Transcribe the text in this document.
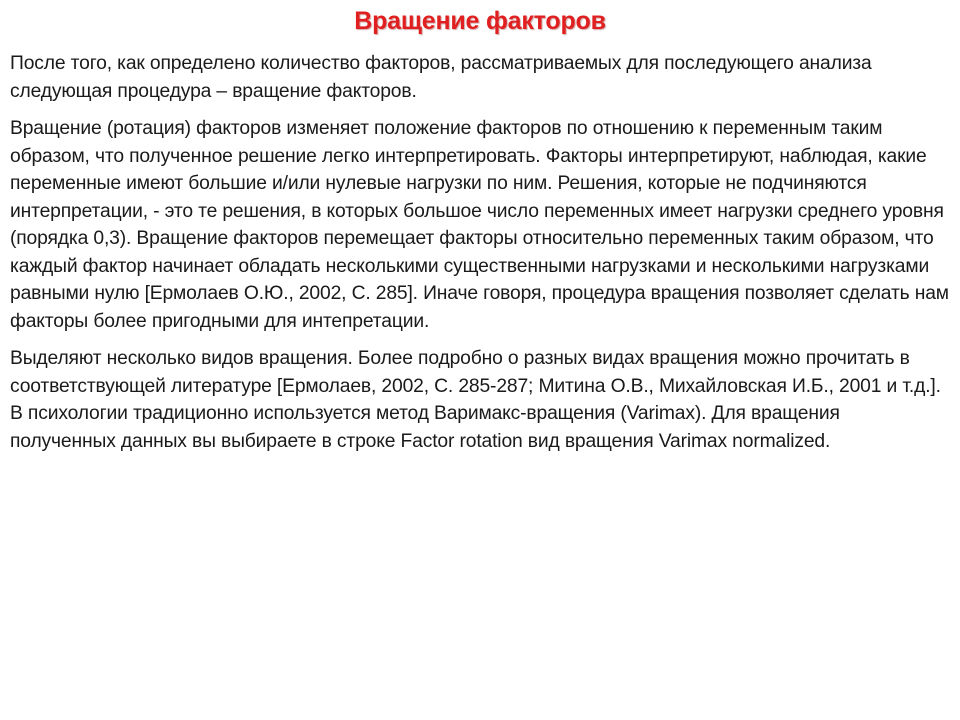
Вращение факторов

После того, как определено количество факторов, рассматриваемых для последующего анализа следующая процедура – вращение факторов.

Вращение (ротация) факторов изменяет положение факторов по отношению к переменным таким образом, что полученное решение легко интерпретировать. Факторы интерпретируют, наблюдая, какие переменные имеют большие и/или нулевые нагрузки по ним. Решения, которые не подчиняются интерпретации, - это те решения, в которых большое число переменных имеет нагрузки среднего уровня (порядка 0,3). Вращение факторов перемещает факторы относительно переменных таким образом, что каждый фактор начинает обладать несколькими существенными нагрузками и несколькими нагрузками равными нулю [Ермолаев О.Ю., 2002, С. 285]. Иначе говоря, процедура вращения позволяет сделать нам факторы более пригодными для интепретации.

Выделяют несколько видов вращения. Более подробно о разных видах вращения можно прочитать в соответствующей литературе [Ермолаев, 2002, С. 285-287; Митина О.В., Михайловская И.Б., 2001 и т.д.]. В психологии традиционно используется метод Варимакс-вращения (Varimax). Для вращения полученных данных вы выбираете в строке Factor rotation вид вращения Varimax normalized.
